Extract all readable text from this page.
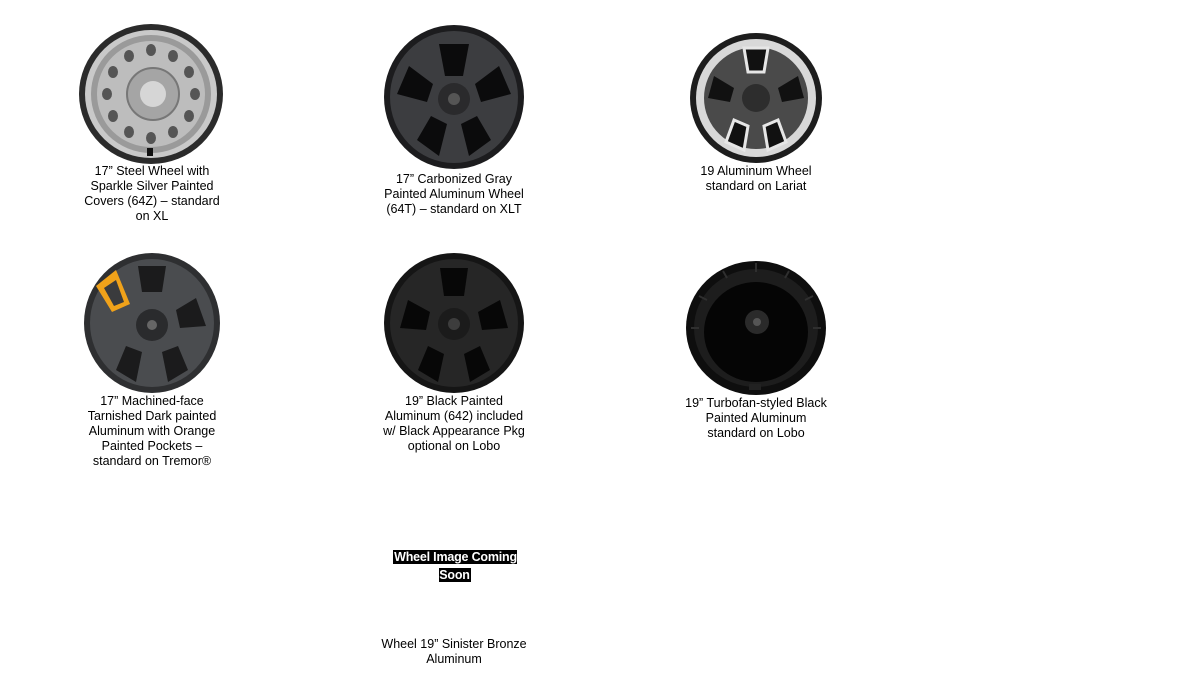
17” Steel Wheel with Sparkle Silver Painted Covers (64Z) – standard on XL
17” Carbonized Gray Painted Aluminum Wheel (64T) – standard on XLT
19 Aluminum Wheel standard on Lariat
17” Machined-face Tarnished Dark painted Aluminum with Orange Painted Pockets – standard on Tremor®
19” Black Painted Aluminum (642) included w/ Black Appearance Pkg optional on Lobo
19” Turbofan-styled Black Painted Aluminum standard on Lobo
Wheel Image Coming Soon
Wheel 19” Sinister Bronze Aluminum
